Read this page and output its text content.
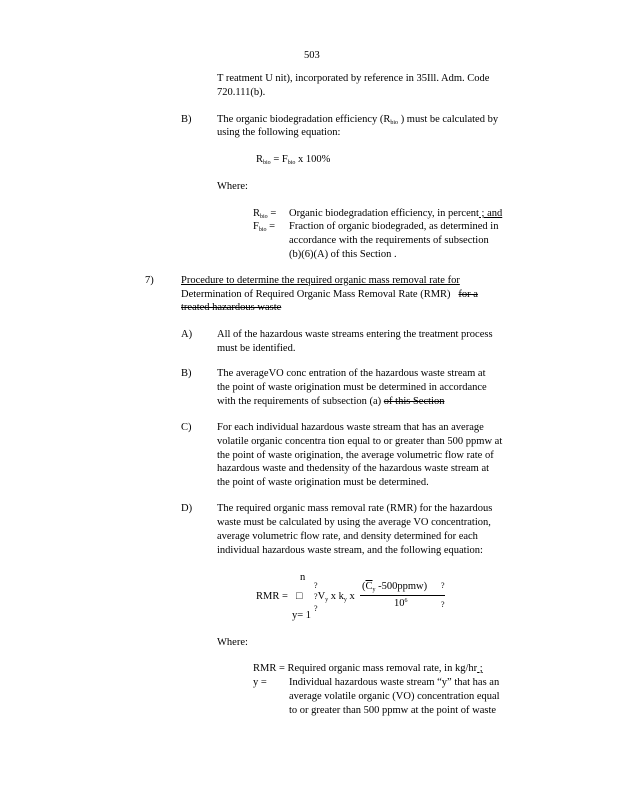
503
T reatment U nit), incorporated by reference in 35Ill. Adm. Code
720.111(b).
B) The organic biodegradation efficiency ($R_{bio}$ ) must be calculated by
using the following equation:
$R_{bio} = F_{bio}$ x 100%
Where:
$R_{bio}$ = Organic biodegradation efficiency, in percent ; and
$F_{bio}$ = Fraction of organic biodegraded, as determined in
accordance with the requirements of subsection
(b)(6)(A) of this Section .
7)	Procedure to determine the required organic mass removal rate for
Determination of Required Organic Mass Removal Rate (RMR) for a
treated hazardous waste
A) All of the hazardous waste streams entering the treatment process
must be identified.
B) The averageVO conc entration of the hazardous waste stream at
the point of waste origination must be determined in accordance
with the requirements of subsection (a) of this Section
C) For each individual hazardous waste stream that has an average
volatile organic concentra tion equal to or greater than 500 ppmw at
the point of waste origination, the average volumetric flow rate of
hazardous waste and thedensity of the hazardous waste stream at
the point of waste origination must be determined.
D) The required organic mass removal rate (RMR) for the hazardous
waste must be calculated by using the average VO concentration,
average volumetric flow rate, and density determined for each
individual hazardous waste stream, and the following equation:
n
?
RMR = □ $?V_y$ x $k_y$ x
($\overline{C}_y$ -500ppmw) ?
$10^6$	?
?
y= 1
Where:
RMR = Required organic mass removal rate, in kg/hr ;
y = Individual hazardous waste stream “y” that has an
average volatile organic (VO) concentration equal
to or greater than 500 ppmw at the point of waste
